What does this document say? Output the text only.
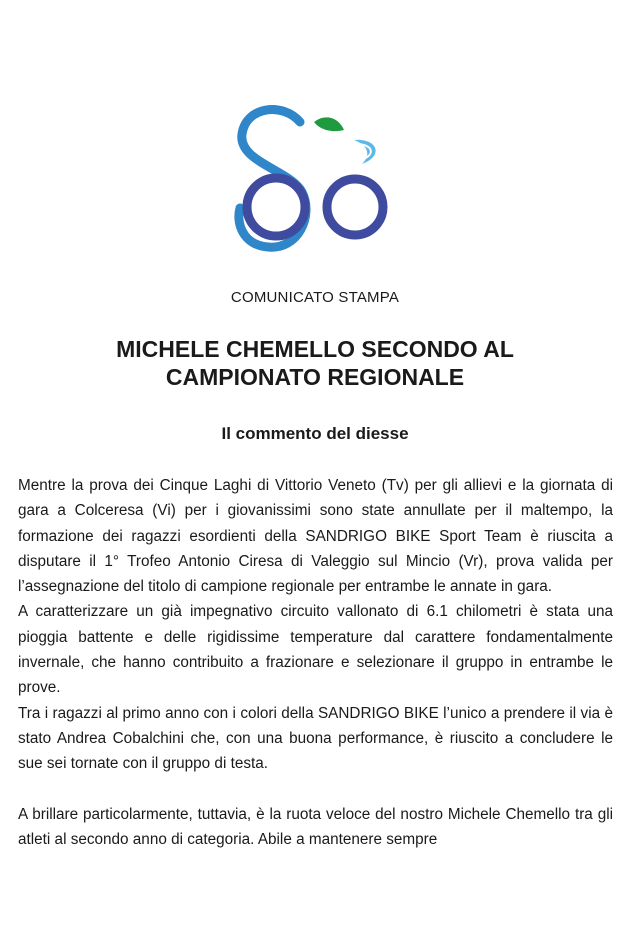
COMUNICATO STAMPA
MICHELE CHEMELLO SECONDO AL
CAMPIONATO REGIONALE
Il commento del diesse

Mentre la prova dei Cinque Laghi di Vittorio Veneto (Tv) per gli allievi e la giornata di gara a Colceresa (Vi) per i giovanissimi sono state annullate per il maltempo, la formazione dei ragazzi esordienti della SANDRIGO BIKE Sport Team è riuscita a disputare il 1° Trofeo Antonio Ciresa di Valeggio sul Mincio (Vr), prova valida per l’assegnazione del titolo di campione regionale per entrambe le annate in gara.

A caratterizzare un già impegnativo circuito vallonato di 6.1 chilometri è stata una pioggia battente e delle rigidissime temperature dal carattere fondamentalmente invernale, che hanno contribuito a frazionare e selezionare il gruppo in entrambe le prove.

Tra i ragazzi al primo anno con i colori della SANDRIGO BIKE l’unico a prendere il via è stato Andrea Cobalchini che, con una buona performance, è riuscito a concludere le sue sei tornate con il gruppo di testa.

A brillare particolarmente, tuttavia, è la ruota veloce del nostro Michele Chemello tra gli atleti al secondo anno di categoria. Abile a mantenere sempre
